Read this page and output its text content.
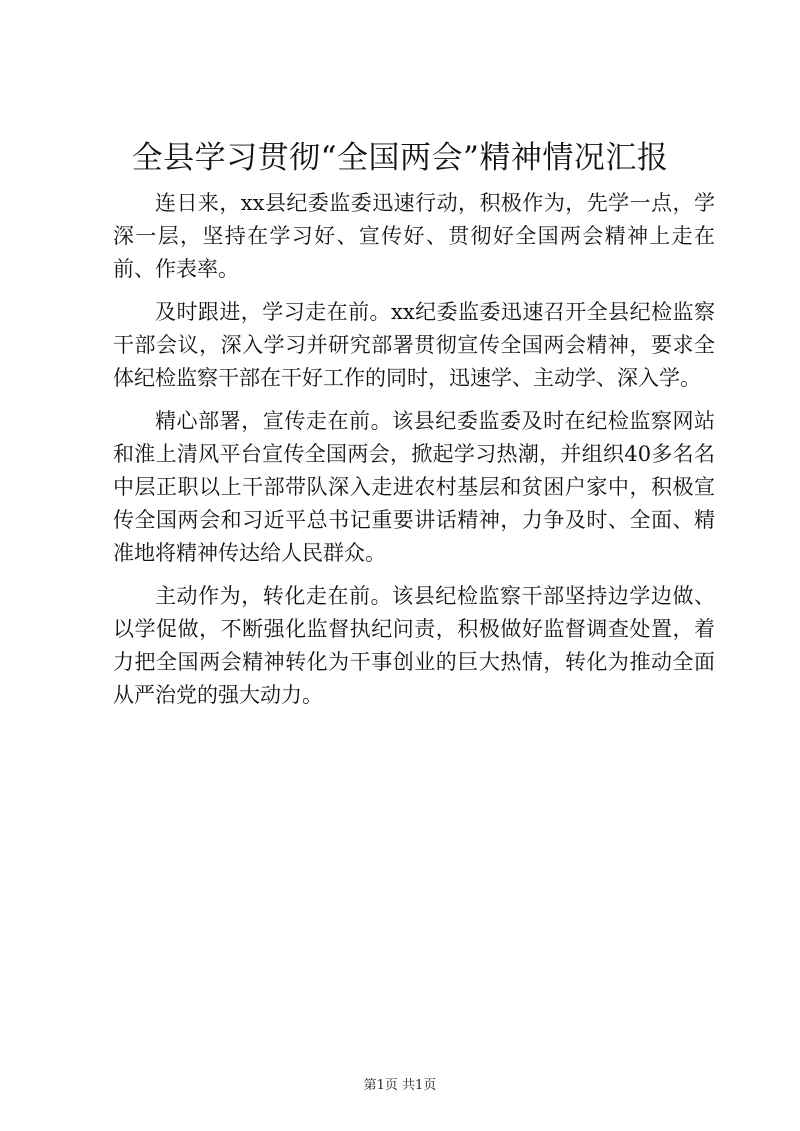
全县学习贯彻“全国两会”精神情况汇报

连日来，xx县纪委监委迅速行动，积极作为，先学一点，学深一层，坚持在学习好、宣传好、贯彻好全国两会精神上走在前、作表率。

及时跟进，学习走在前。xx纪委监委迅速召开全县纪检监察干部会议，深入学习并研究部署贯彻宣传全国两会精神，要求全体纪检监察干部在干好工作的同时，迅速学、主动学、深入学。

精心部署，宣传走在前。该县纪委监委及时在纪检监察网站和淮上清风平台宣传全国两会，掀起学习热潮，并组织40多名名中层正职以上干部带队深入走进农村基层和贫困户家中，积极宣传全国两会和习近平总书记重要讲话精神，力争及时、全面、精准地将精神传达给人民群众。

主动作为，转化走在前。该县纪检监察干部坚持边学边做、以学促做，不断强化监督执纪问责，积极做好监督调查处置，着力把全国两会精神转化为干事创业的巨大热情，转化为推动全面从严治党的强大动力。

第1页 共1页
